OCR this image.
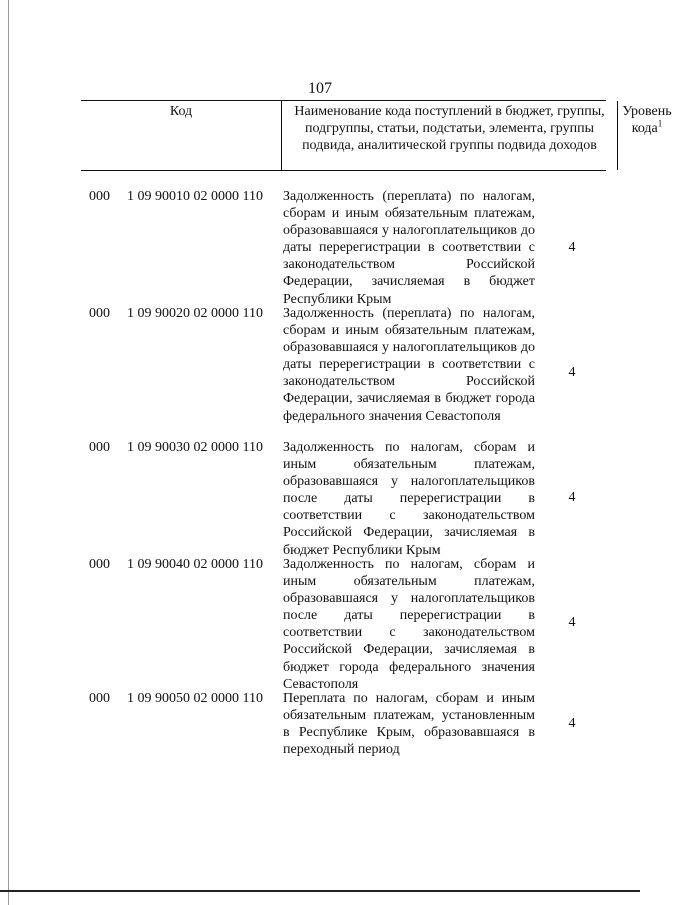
107
Код	Наименование кода поступлений в бюджет, группы, подгруппы, статьи, подстатьи, элемента, группы подвида, аналитической группы подвида доходов
Уровень кода$^1$
000 1 09 90010 02 0000 110 Задолженность (переплата) по налогам, сборам и иным обязательным платежам, образовавшаяся у налогоплательщиков до даты перерегистрации в соответствии с законодательством Российской Федерации, зачисляемая в бюджет Республики Крым
4
000 1 09 90020 02 0000 110 Задолженность (переплата) по налогам, сборам и иным обязательным платежам, образовавшаяся у налогоплательщиков до даты перерегистрации в соответствии с законодательством Российской Федерации, зачисляемая в бюджет города федерального значения Севастополя
4
000 1 09 90030 02 0000 110 Задолженность по налогам, сборам и иным обязательным платежам, образовавшаяся у налогоплательщиков после даты перерегистрации в соответствии с законодательством Российской Федерации, зачисляемая в бюджет Республики Крым
4
000 1 09 90040 02 0000 110 Задолженность по налогам, сборам и иным обязательным платежам, образовавшаяся у налогоплательщиков после даты перерегистрации в соответствии с законодательством Российской Федерации, зачисляемая в бюджет города федерального значения Севастополя
4
000 1 09 90050 02 0000 110 Переплата по налогам, сборам и иным обязательным платежам, установленным в Республике Крым, образовавшаяся в переходный период
4
